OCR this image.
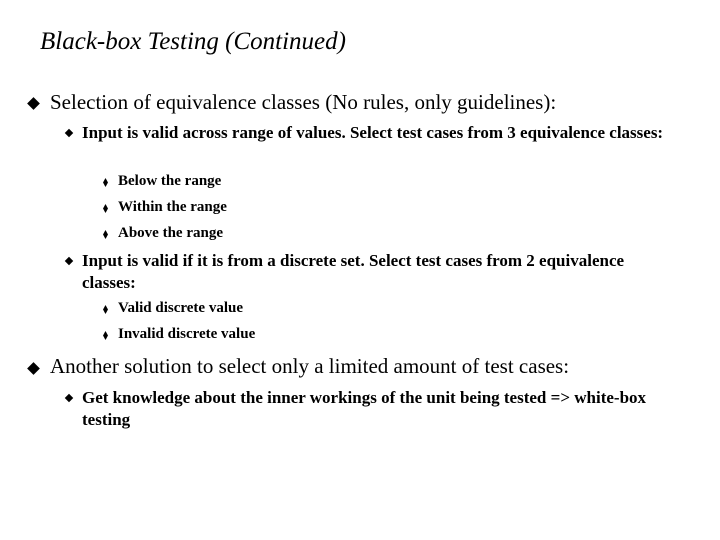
Black-box Testing (Continued)
Selection of equivalence classes (No rules, only guidelines):
Input is valid across range of values. Select test cases from 3 equivalence classes:
Below the range
Within the range
Above the range
Input is valid if it is from a discrete set. Select test cases from 2 equivalence classes:
Valid discrete value
Invalid discrete value
Another solution to select only a limited amount of test cases:
Get knowledge about the inner workings of the unit being tested => white-box testing
